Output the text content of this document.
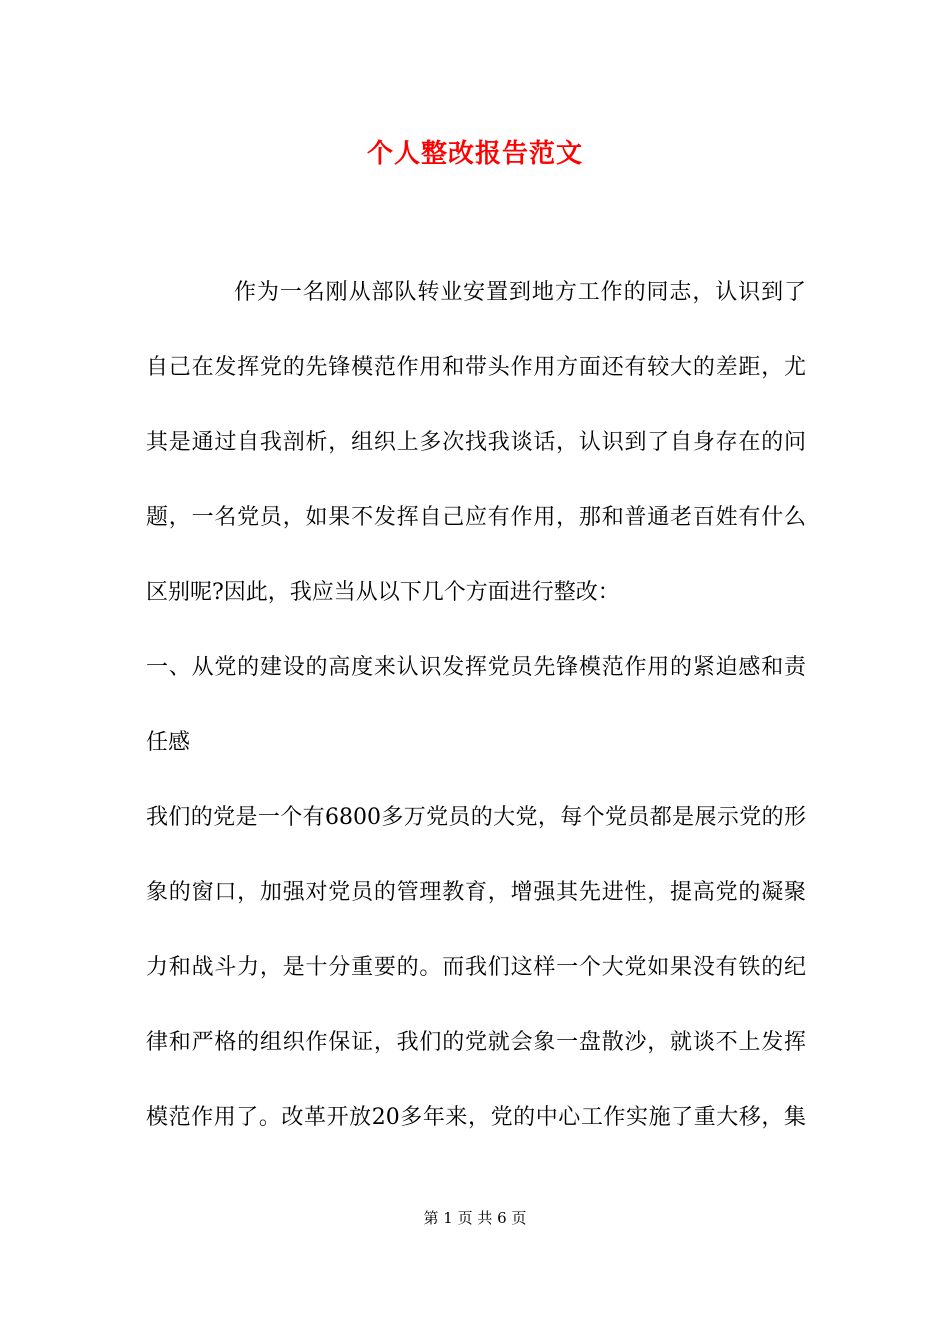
个人整改报告范文
作为一名刚从部队转业安置到地方工作的同志，认识到了
自己在发挥党的先锋模范作用和带头作用方面还有较大的差距，尤
其是通过自我剖析，组织上多次找我谈话，认识到了自身存在的问
题，一名党员，如果不发挥自己应有作用，那和普通老百姓有什么
区别呢?因此，我应当从以下几个方面进行整改：
一、从党的建设的高度来认识发挥党员先锋模范作用的紧迫感和责
任感
我们的党是一个有6800多万党员的大党，每个党员都是展示党的形
象的窗口，加强对党员的管理教育，增强其先进性，提高党的凝聚
力和战斗力，是十分重要的。而我们这样一个大党如果没有铁的纪
律和严格的组织作保证，我们的党就会象一盘散沙，就谈不上发挥
模范作用了。改革开放20多年来，党的中心工作实施了重大移，集
第 1 页 共 6 页
